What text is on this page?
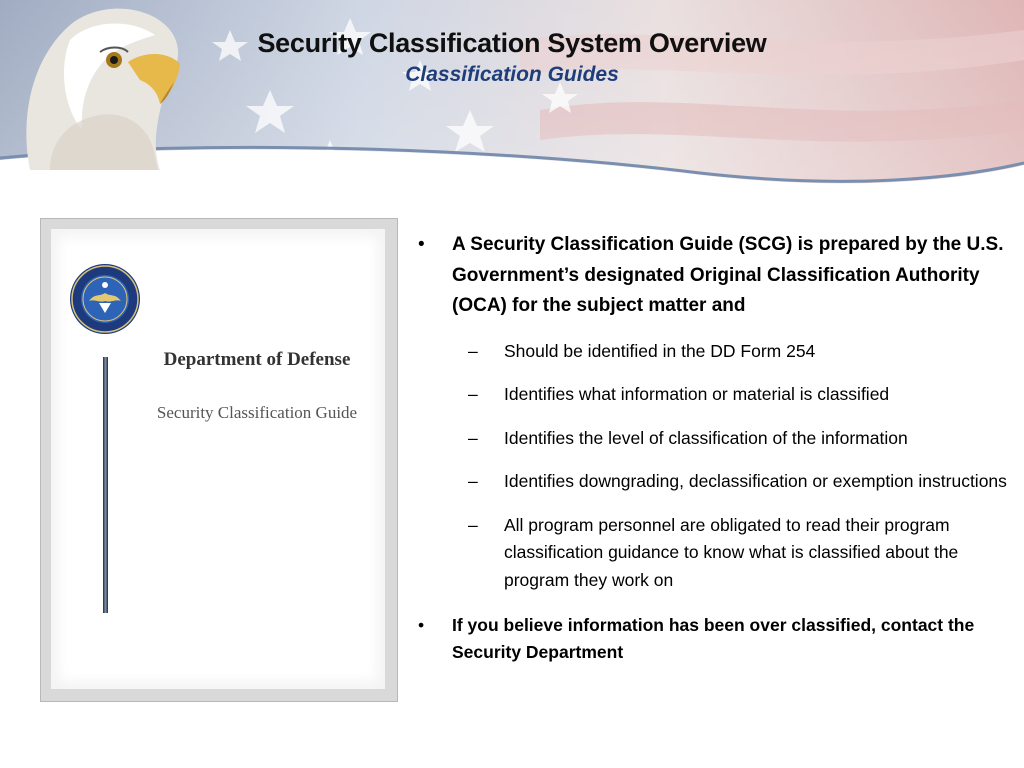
Security Classification System Overview
Classification Guides
Department of Defense
Security Classification Guide
• A Security Classification Guide (SCG) is prepared by the U.S. Government’s designated Original Classification Authority (OCA) for the subject matter and
– Should be identified in the DD Form 254
– Identifies what information or material is classified
– Identifies the level of classification of the information
– Identifies downgrading, declassification or exemption instructions
– All program personnel are obligated to read their program classification guidance to know what is classified about the program they work on
• If you believe information has been over classified, contact the Security Department
